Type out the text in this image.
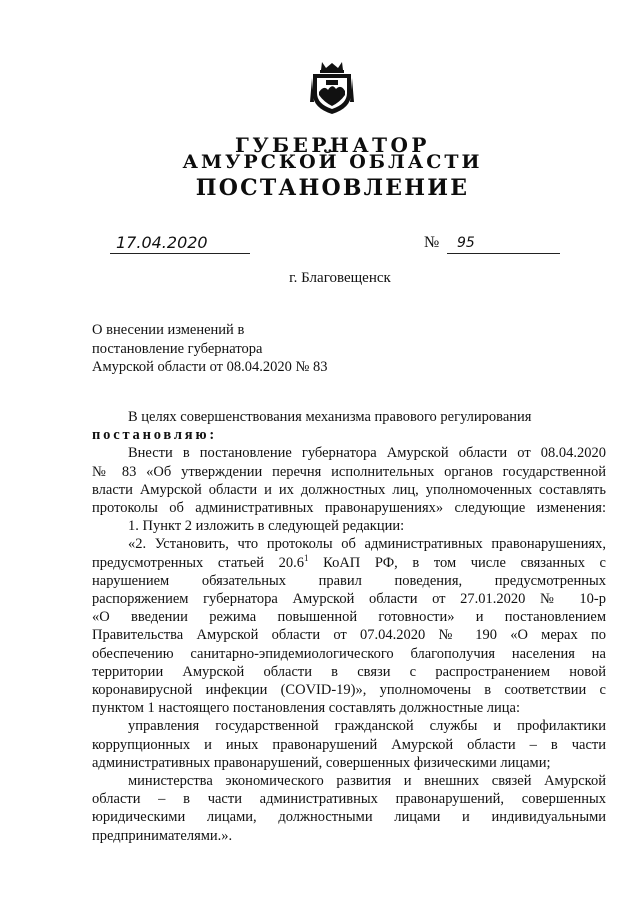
ГУБЕРНАТОР
АМУРСКОЙ ОБЛАСТИ
ПОСТАНОВЛЕНИЕ
17.04.2020	№	95
г. Благовещенск
О внесении изменений в
постановление губернатора
Амурской области от 08.04.2020 № 83
В целях совершенствования механизма правового регулирования
постановляю:
Внести в постановление губернатора Амурской области от 08.04.2020
№ 83 «Об утверждении перечня исполнительных органов государственной
власти Амурской области и их должностных лиц, уполномоченных составлять
протоколы об административных правонарушениях» следующие изменения:
1. Пункт 2 изложить в следующей редакции:
«2. Установить, что протоколы об административных правонарушениях,
предусмотренных статьей 20.6$^1$ КоАП РФ, в том числе связанных с
нарушением обязательных правил поведения, предусмотренных
распоряжением губернатора Амурской области от 27.01.2020 № 10-р
«О введении режима повышенной готовности» и постановлением
Правительства Амурской области от 07.04.2020 № 190 «О мерах по
обеспечению санитарно-эпидемиологического благополучия населения на
территории Амурской области в связи с распространением новой
коронавирусной инфекции (COVID-19)», уполномочены в соответствии с
пунктом 1 настоящего постановления составлять должностные лица:
управления государственной гражданской службы и профилактики
коррупционных и иных правонарушений Амурской области – в части
административных правонарушений, совершенных физическими лицами;
министерства экономического развития и внешних связей Амурской
области – в части административных правонарушений, совершенных
юридическими лицами, должностными лицами и индивидуальными
предпринимателями.».
